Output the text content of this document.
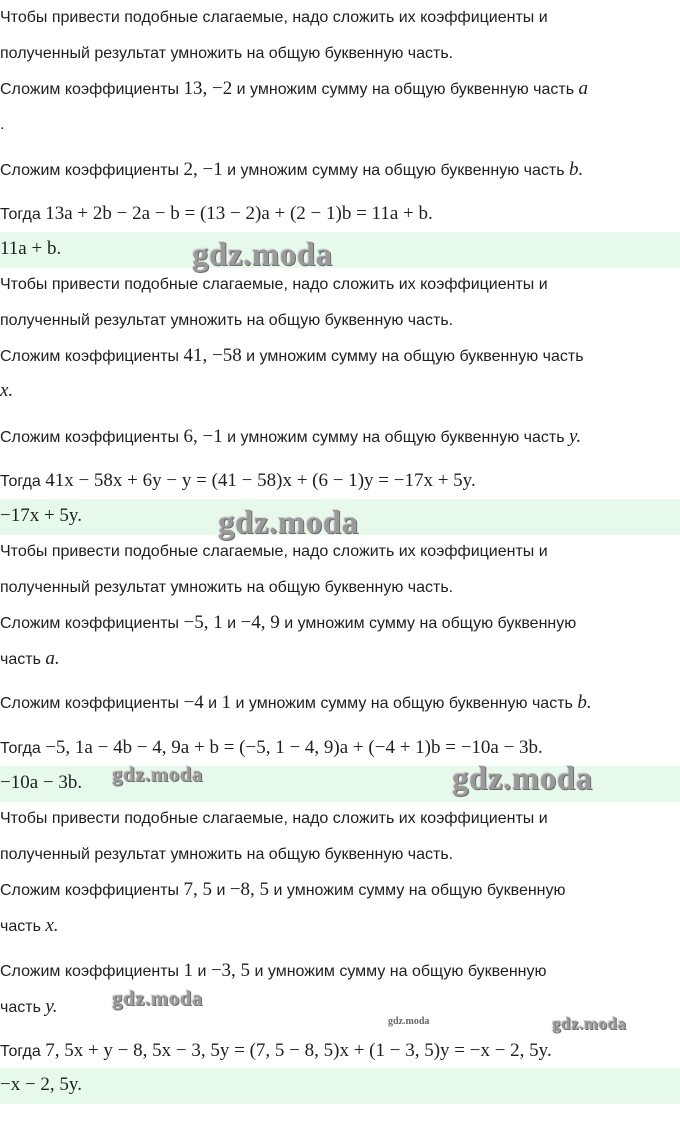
Чтобы привести подобные слагаемые, надо сложить их коэффициенты и
полученный результат умножить на общую буквенную часть.
Сложим коэффициенты 13, −2 и умножим сумму на общую буквенную часть a
.
Сложим коэффициенты 2, −1 и умножим сумму на общую буквенную часть b.
Тогда 13a + 2b − 2a − b = (13 − 2)a + (2 − 1)b = 11a + b.
11a + b.
Чтобы привести подобные слагаемые, надо сложить их коэффициенты и
полученный результат умножить на общую буквенную часть.
Сложим коэффициенты 41, −58 и умножим сумму на общую буквенную часть
x.
Сложим коэффициенты 6, −1 и умножим сумму на общую буквенную часть y.
Тогда 41x − 58x + 6y − y = (41 − 58)x + (6 − 1)y = −17x + 5y.
−17x + 5y.
Чтобы привести подобные слагаемые, надо сложить их коэффициенты и
полученный результат умножить на общую буквенную часть.
Сложим коэффициенты −5, 1 и −4, 9 и умножим сумму на общую буквенную
часть a.
Сложим коэффициенты −4 и 1 и умножим сумму на общую буквенную часть b.
Тогда −5, 1a − 4b − 4, 9a + b = (−5, 1 − 4, 9)a + (−4 + 1)b = −10a − 3b.
−10a − 3b.
Чтобы привести подобные слагаемые, надо сложить их коэффициенты и
полученный результат умножить на общую буквенную часть.
Сложим коэффициенты 7, 5 и −8, 5 и умножим сумму на общую буквенную
часть x.
Сложим коэффициенты 1 и −3, 5 и умножим сумму на общую буквенную
часть y.
Тогда 7, 5x + y − 8, 5x − 3, 5y = (7, 5 − 8, 5)x + (1 − 3, 5)y = −x − 2, 5y.
−x − 2, 5y.
gdz.moda
gdz.moda
gdz.moda	gdz.moda
gdz.moda
gdz.moda	gdz.moda
